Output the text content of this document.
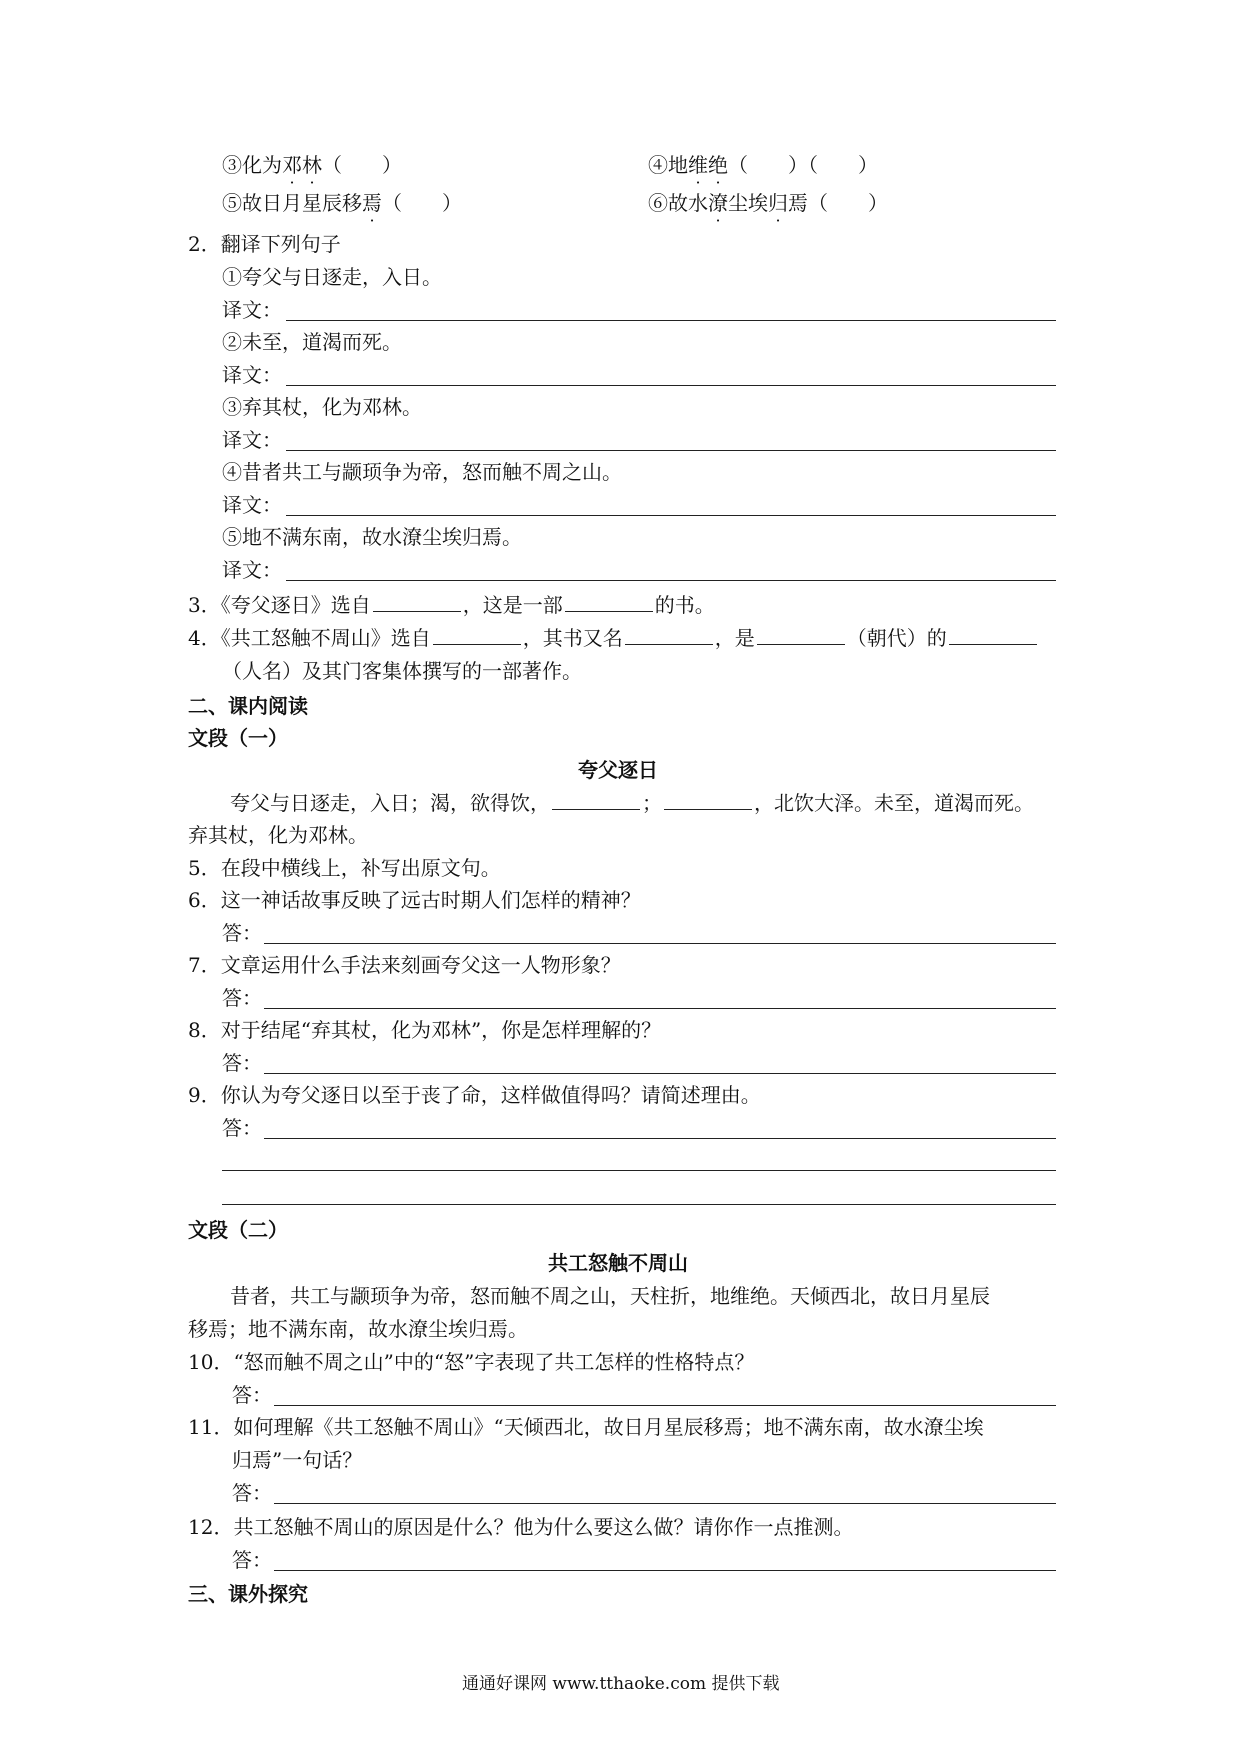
③化为邓林（　　）	④地维绝（　　）（　　）
⑤故日月星辰移焉（　　）	⑥故水潦尘埃归焉（　　）
2．翻译下列句子
①夸父与日逐走，入日。
译文：
②未至，道渴而死。
译文：
③弃其杖，化为邓林。
译文：
④昔者共工与颛顼争为帝，怒而触不周之山。
译文：
⑤地不满东南，故水潦尘埃归焉。
译文：
3．《夸父逐日》选自	，这是一部	的书。
4．《共工怒触不周山》选自	，其书又名	，是	（朝代）的
（人名）及其门客集体撰写的一部著作。
二、课内阅读
文段（一）
夸父逐日
夸父与日逐走，入日；渴，欲得饮，	；	，北饮大泽。未至，道渴而死。
弃其杖，化为邓林。
5．在段中横线上，补写出原文句。
6．这一神话故事反映了远古时期人们怎样的精神？
答：
7．文章运用什么手法来刻画夸父这一人物形象？
答：
8．对于结尾“弃其杖，化为邓林”，你是怎样理解的？
答：
9．你认为夸父逐日以至于丧了命，这样做值得吗？请简述理由。
答：
文段（二）
共工怒触不周山
昔者，共工与颛顼争为帝，怒而触不周之山，天柱折，地维绝。天倾西北，故日月星辰
移焉；地不满东南，故水潦尘埃归焉。
10．“怒而触不周之山”中的“怒”字表现了共工怎样的性格特点？
答：
11．如何理解《共工怒触不周山》“天倾西北，故日月星辰移焉；地不满东南，故水潦尘埃
归焉”一句话？
答：
12．共工怒触不周山的原因是什么？他为什么要这么做？请你作一点推测。
答：
三、课外探究
通通好课网 www.tthaoke.com 提供下载
